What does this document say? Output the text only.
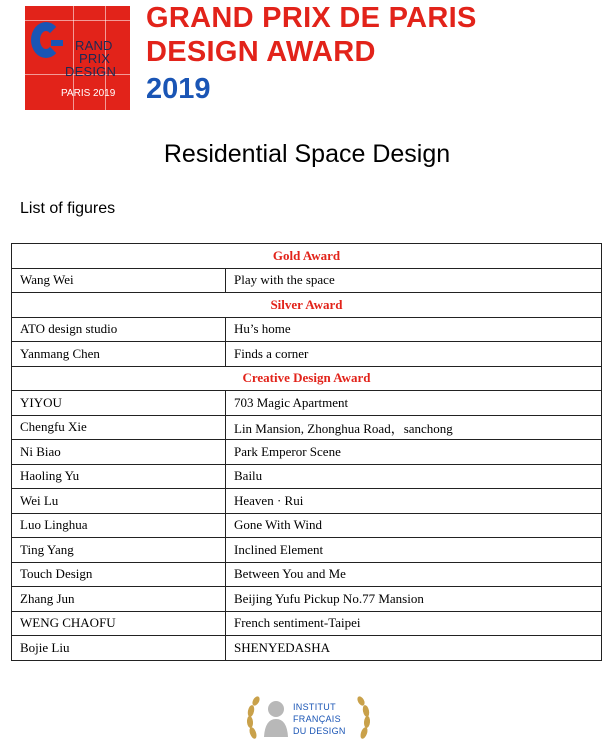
RAND
PRIX
DESIGN
PARIS 2019
GRAND PRIX DE PARIS
DESIGN AWARD
2019
Residential Space Design
List of figures
Gold Award	
Wang Wei	Play with the space
Silver Award	
ATO design studio	Hu’s home
Yanmang Chen	Finds a corner
Creative Design Award	
YIYOU	703 Magic Apartment
Chengfu Xie	Lin Mansion, Zhonghua Road，sanchong
Ni Biao	Park Emperor Scene
Haoling Yu	Bailu
Wei Lu	Heaven · Rui
Luo Linghua	Gone With Wind
Ting Yang	Inclined Element
Touch Design	Between You and Me
Zhang Jun	Beijing Yufu Pickup No.77 Mansion
WENG CHAOFU	French sentiment-Taipei
Bojie Liu	SHENYEDASHA
INSTITUT
FRANÇAIS
DU DESIGN
